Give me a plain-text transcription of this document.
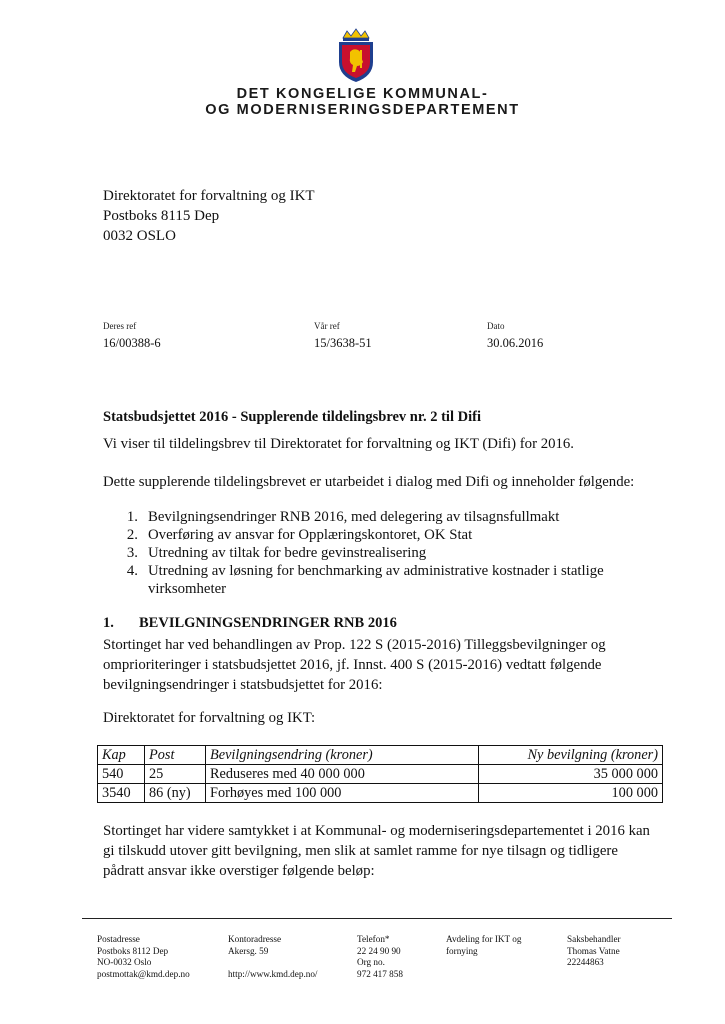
DET KONGELIGE KOMMUNAL-
OG MODERNISERINGSDEPARTEMENT
Direktoratet for forvaltning og IKT
Postboks 8115 Dep
0032 OSLO
Deres ref
16/00388-6
Vår ref
15/3638-51
Dato
30.06.2016
Statsbudsjettet 2016 - Supplerende tildelingsbrev nr. 2 til Difi
Vi viser til tildelingsbrev til Direktoratet for forvaltning og IKT (Difi) for 2016.
Dette supplerende tildelingsbrevet er utarbeidet i dialog med Difi og inneholder følgende:
1. Bevilgningsendringer RNB 2016, med delegering av tilsagnsfullmakt
2. Overføring av ansvar for Opplæringskontoret, OK Stat
3. Utredning av tiltak for bedre gevinstrealisering
4. Utredning av løsning for benchmarking av administrative kostnader i statlige virksomheter
1. BEVILGNINGSENDRINGER RNB 2016
Stortinget har ved behandlingen av Prop. 122 S (2015-2016) Tilleggsbevilgninger og omprioriteringer i statsbudsjettet 2016, jf. Innst. 400 S (2015-2016) vedtatt følgende bevilgningsendringer i statsbudsjettet for 2016:
Direktoratet for forvaltning og IKT:
Kap	Post	Bevilgningsendring (kroner)	Ny bevilgning (kroner)
540	25	Reduseres med 40 000 000	35 000 000
3540	86 (ny)	Forhøyes med 100 000	100 000
Stortinget har videre samtykket i at Kommunal- og moderniseringsdepartementet i 2016 kan gi tilskudd utover gitt bevilgning, men slik at samlet ramme for nye tilsagn og tidligere pådratt ansvar ikke overstiger følgende beløp:
Postadresse
Postboks 8112 Dep
NO-0032 Oslo
postmottak@kmd.dep.no
Kontoradresse
Akersg. 59
http://www.kmd.dep.no/
Telefon*
22 24 90 90
Org no.
972 417 858
Avdeling for IKT og
fornying
Saksbehandler
Thomas Vatne
22244863
